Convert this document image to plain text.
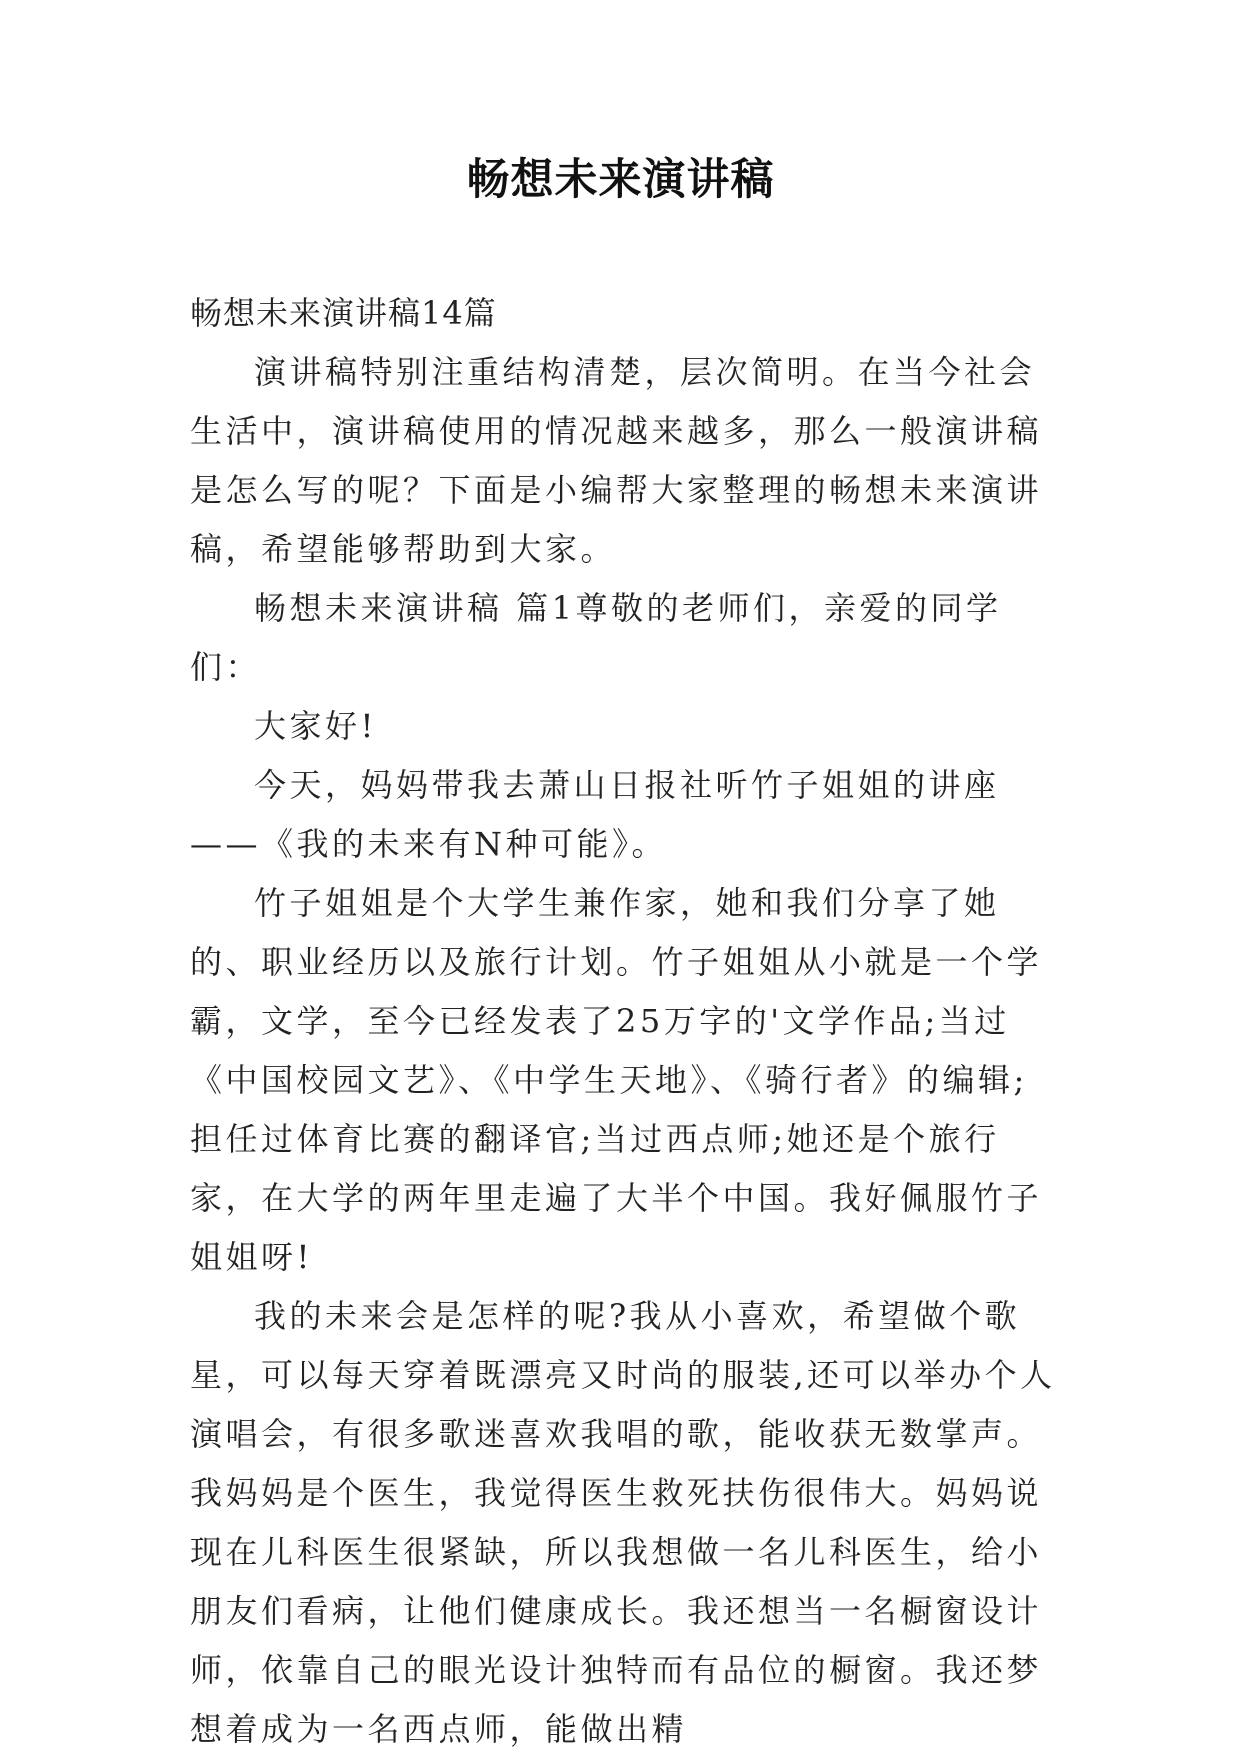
畅想未来演讲稿

畅想未来演讲稿14篇

演讲稿特别注重结构清楚，层次简明。在当今社会生活中，演讲稿使用的情况越来越多，那么一般演讲稿是怎么写的呢？下面是小编帮大家整理的畅想未来演讲稿，希望能够帮助到大家。

畅想未来演讲稿 篇1尊敬的老师们，亲爱的同学们：

大家好!

今天，妈妈带我去萧山日报社听竹子姐姐的讲座——《我的未来有N种可能》。

竹子姐姐是个大学生兼作家，她和我们分享了她的、职业经历以及旅行计划。竹子姐姐从小就是一个学霸，文学，至今已经发表了25万字的'文学作品;当过《中国校园文艺》、《中学生天地》、《骑行者》的编辑;担任过体育比赛的翻译官;当过西点师;她还是个旅行家，在大学的两年里走遍了大半个中国。我好佩服竹子姐姐呀!

我的未来会是怎样的呢?我从小喜欢，希望做个歌星，可以每天穿着既漂亮又时尚的服装,还可以举办个人演唱会，有很多歌迷喜欢我唱的歌，能收获无数掌声。我妈妈是个医生，我觉得医生救死扶伤很伟大。妈妈说现在儿科医生很紧缺，所以我想做一名儿科医生，给小朋友们看病，让他们健康成长。我还想当一名橱窗设计师，依靠自己的眼光设计独特而有品位的橱窗。我还梦想着成为一名西点师，能做出精
